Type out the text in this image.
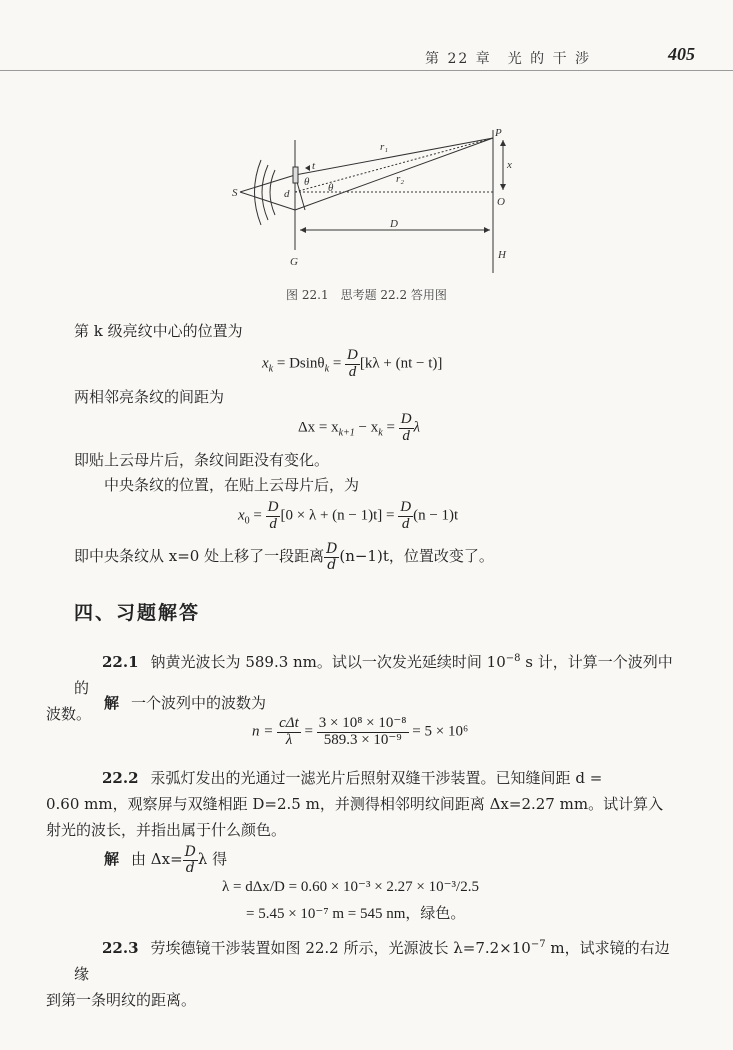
第 22 章　光 的 干 涉	405
S
P
O
G
H
D
x
t
θ θ
r₁
r₂
d
图 22.1　思考题 22.2 答用图
第 k 级亮纹中心的位置为
$x_k = Dsin\theta_k = \frac{D}{d} [k\lambda + (nt - t)]$
两相邻亮条纹的间距为
$\Delta x = x_{k+1} - x_k = \frac{D}{d}$ λ
即贴上云母片后，条纹间距没有变化。
中央条纹的位置，在贴上云母片后，为
$x_0 = \frac{D}{d} [0 \times \lambda + (n - 1)t] = \frac{D}{d} (n - 1)t$
即中央条纹从 x=0 处上移了一段距离 $\frac{D}{d} (n-1)t$，位置改变了。
四、习题解答
22.1 钠黄光波长为 589.3 nm。试以一次发光延续时间 $10^{-8}$ s 计，计算一个波列中的
波数。
解 一个波列中的波数为
$n = \frac{\text{cΔt}}{\lambda} = \frac{\text{3 × 10⁸ × 10⁻⁸}}{\text{589.3 × 10⁻⁹}} = 5 \times 10^6$
22.2 汞弧灯发出的光通过一滤光片后照射双缝干涉装置。已知缝间距 d =
0.60 mm，观察屏与双缝相距 D=2.5 m，并测得相邻明纹间距离 Δx=2.27 mm。试计算入
射光的波长，并指出属于什么颜色。
解 由 $\Delta x= \frac{D}{d}$ λ 得
λ = dΔx/D = 0.60 × 10⁻³ × 2.27 × 10⁻³/2.5
= 5.45 × 10⁻⁷ m = 545 nm，绿色。
22.3 劳埃德镜干涉装置如图 22.2 所示，光源波长 $\lambda=7.2\times 10^{-7}$ m，试求镜的右边缘
到第一条明纹的距离。
